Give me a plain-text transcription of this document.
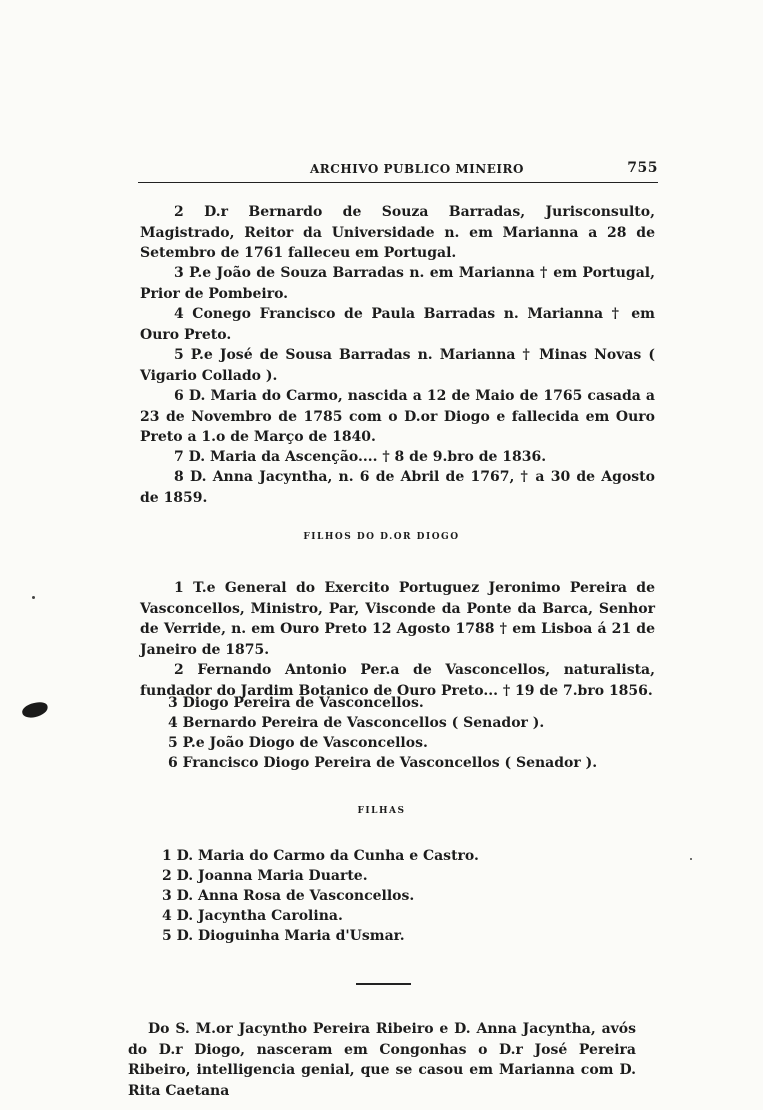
ARCHIVO PUBLICO MINEIRO	755

2 D.r Bernardo de Souza Barradas, Jurisconsulto, Magistrado, Reitor da Universidade n. em Marianna a 28 de Setembro de 1761 falleceu em Portugal.

3 P.e João de Souza Barradas n. em Marianna † em Portugal, Prior de Pombeiro.

4 Conego Francisco de Paula Barradas n. Marianna † em Ouro Preto.

5 P.e José de Sousa Barradas n. Marianna † Minas Novas ( Vigario Collado ).

6 D. Maria do Carmo, nascida a 12 de Maio de 1765 casada a 23 de Novembro de 1785 com o D.or Diogo e fallecida em Ouro Preto a 1.o de Março de 1840.

7 D. Maria da Ascenção.... † 8 de 9.bro de 1836.

8 D. Anna Jacyntha, n. 6 de Abril de 1767, † a 30 de Agosto de 1859.

FILHOS DO D.OR DIOGO

1 T.e General do Exercito Portuguez Jeronimo Pereira de Vasconcellos, Ministro, Par, Visconde da Ponte da Barca, Senhor de Verride, n. em Ouro Preto 12 Agosto 1788 † em Lisboa á 21 de Janeiro de 1875.

2 Fernando Antonio Per.a de Vasconcellos, naturalista, fundador do Jardim Botanico de Ouro Preto... † 19 de 7.bro 1856.

3 Diogo Pereira de Vasconcellos.

4 Bernardo Pereira de Vasconcellos ( Senador ).

5 P.e João Diogo de Vasconcellos.

6 Francisco Diogo Pereira de Vasconcellos ( Senador ).

FILHAS

1 D. Maria do Carmo da Cunha e Castro.

2 D. Joanna Maria Duarte.

3 D. Anna Rosa de Vasconcellos.

4 D. Jacyntha Carolina.

5 D. Dioguinha Maria d'Usmar.

Do S. M.or Jacyntho Pereira Ribeiro e D. Anna Jacyntha, avós do D.r Diogo, nasceram em Congonhas o D.r José Pereira Ribeiro, intelligencia genial, que se casou em Marianna com D. Rita Caetana
